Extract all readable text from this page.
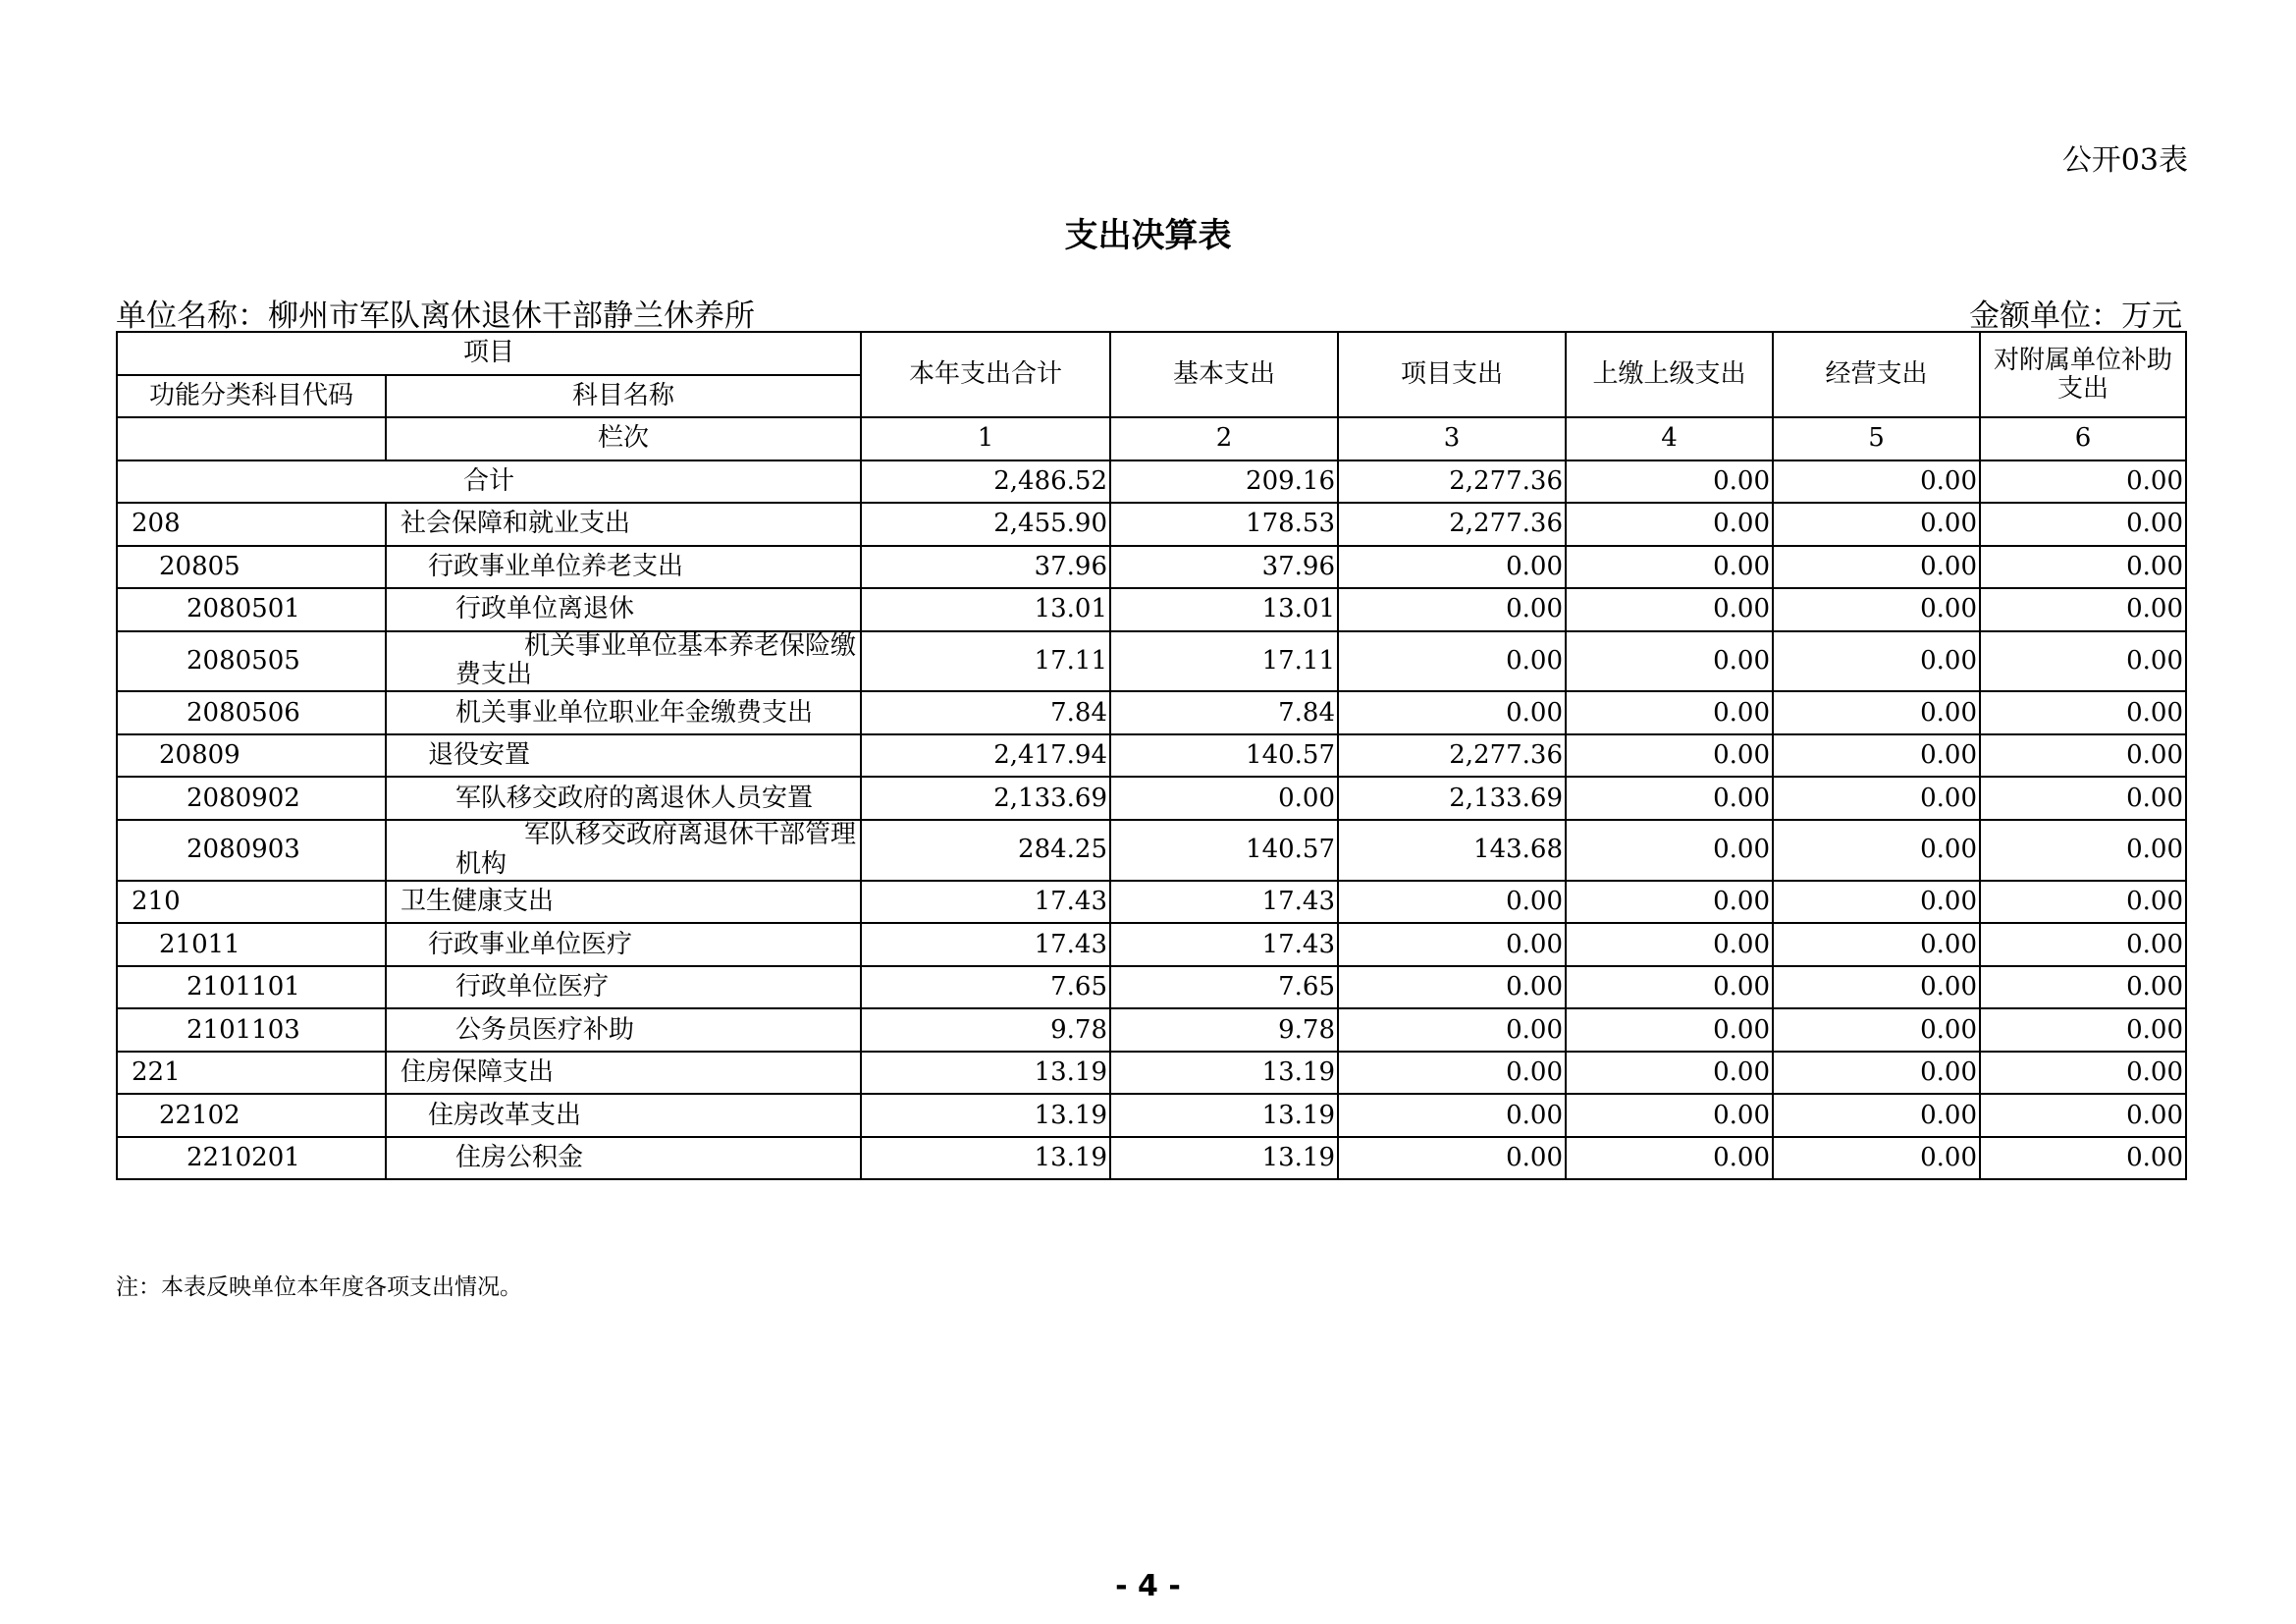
公开03表
支出决算表
单位名称：柳州市军队离休退休干部静兰休养所	金额单位：万元
项目		本年支出合计	基本支出	项目支出	上缴上级支出	经营支出	对附属单位补助支出
功能分类科目代码	科目名称						
	栏次	1	2	3	4	5	6
合计		2,486.52	209.16	2,277.36	0.00	0.00	0.00
208	社会保障和就业支出	2,455.90	178.53	2,277.36	0.00	0.00	0.00
20805	行政事业单位养老支出	37.96	37.96	0.00	0.00	0.00	0.00
2080501	行政单位离退休	13.01	13.01	0.00	0.00	0.00	0.00
2080505	机关事业单位基本养老保险缴费支出	17.11	17.11	0.00	0.00	0.00	0.00
2080506	机关事业单位职业年金缴费支出	7.84	7.84	0.00	0.00	0.00	0.00
20809	退役安置	2,417.94	140.57	2,277.36	0.00	0.00	0.00
2080902	军队移交政府的离退休人员安置	2,133.69	0.00	2,133.69	0.00	0.00	0.00
2080903	军队移交政府离退休干部管理机构	284.25	140.57	143.68	0.00	0.00	0.00
210	卫生健康支出	17.43	17.43	0.00	0.00	0.00	0.00
21011	行政事业单位医疗	17.43	17.43	0.00	0.00	0.00	0.00
2101101	行政单位医疗	7.65	7.65	0.00	0.00	0.00	0.00
2101103	公务员医疗补助	9.78	9.78	0.00	0.00	0.00	0.00
221	住房保障支出	13.19	13.19	0.00	0.00	0.00	0.00
22102	住房改革支出	13.19	13.19	0.00	0.00	0.00	0.00
2210201	住房公积金	13.19	13.19	0.00	0.00	0.00	0.00
注：本表反映单位本年度各项支出情况。
- 4 -
